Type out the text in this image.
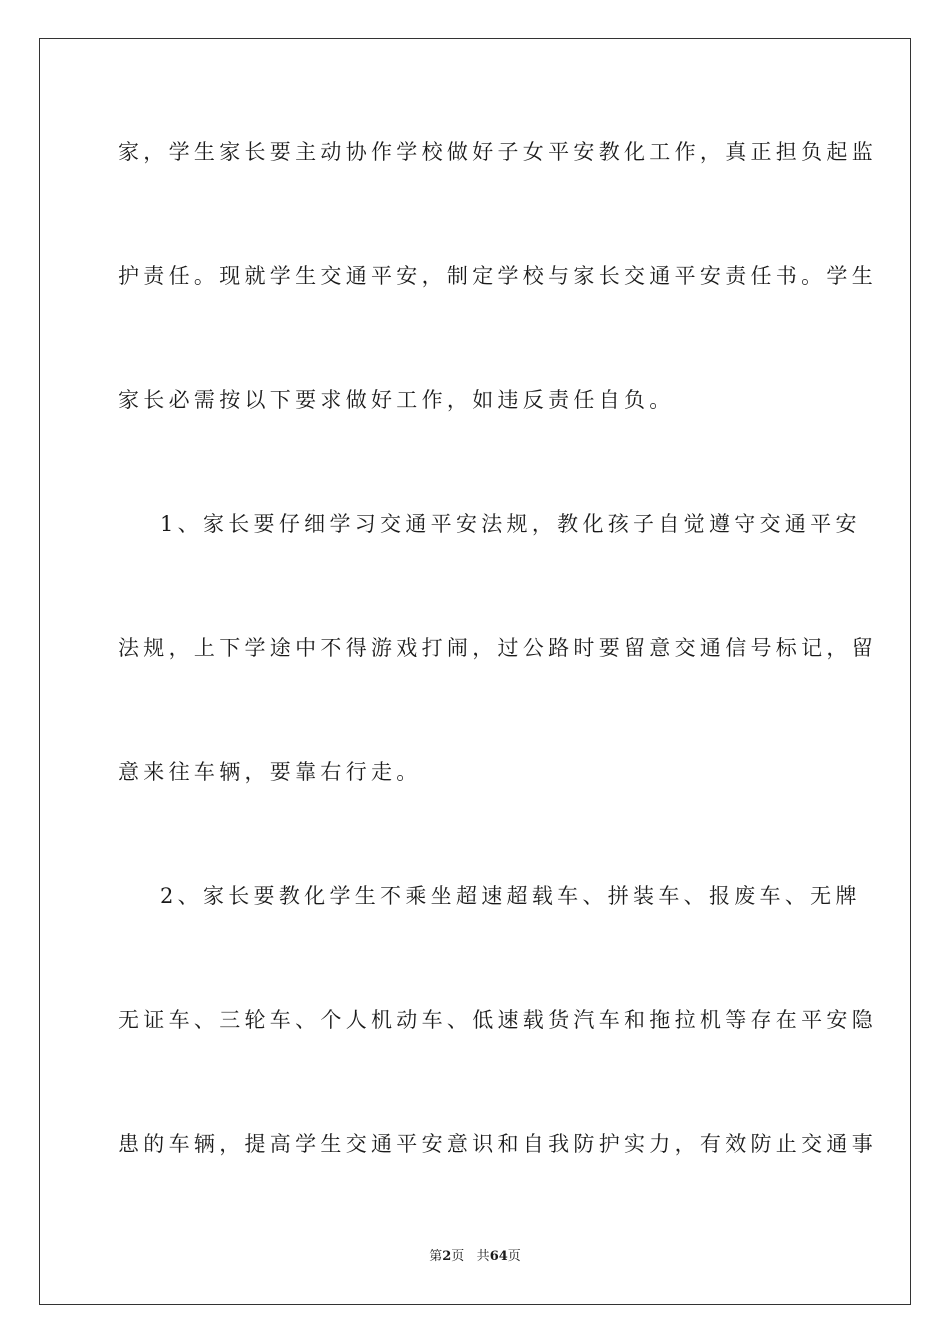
家，学生家长要主动协作学校做好子女平安教化工作，真正担负起监
护责任。现就学生交通平安，制定学校与家长交通平安责任书。学生
家长必需按以下要求做好工作，如违反责任自负。
1、家长要仔细学习交通平安法规，教化孩子自觉遵守交通平安
法规，上下学途中不得游戏打闹，过公路时要留意交通信号标记，留
意来往车辆，要靠右行走。
2、家长要教化学生不乘坐超速超载车、拼装车、报废车、无牌
无证车、三轮车、个人机动车、低速载货汽车和拖拉机等存在平安隐
患的车辆，提高学生交通平安意识和自我防护实力，有效防止交通事
第2页 共64页
